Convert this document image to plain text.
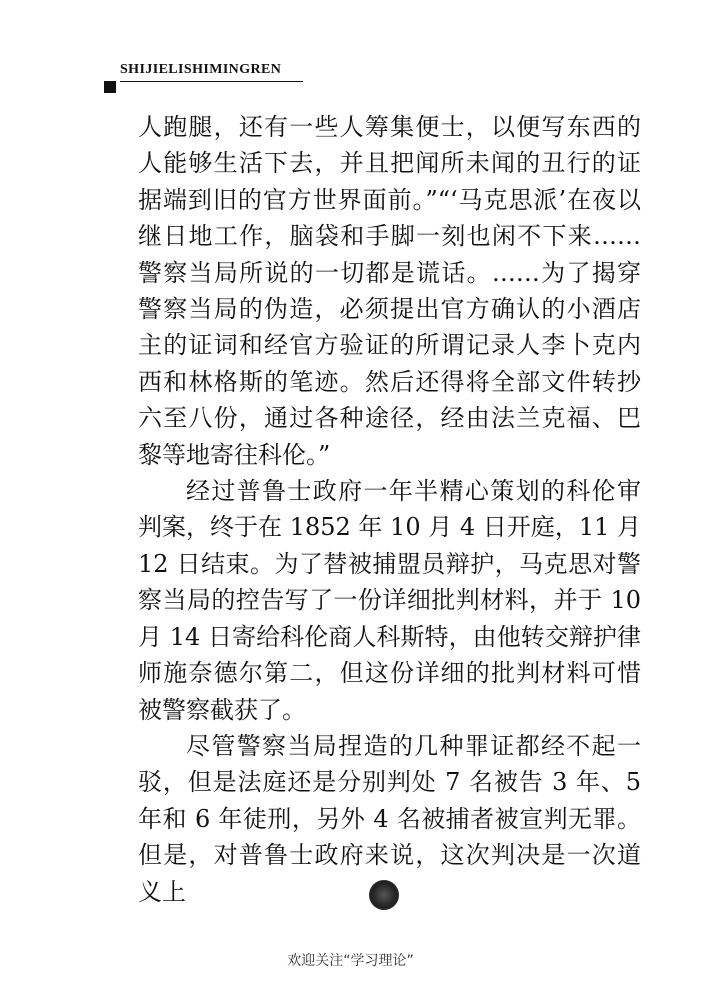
SHIJIELISHIMINGREN

人跑腿，还有一些人筹集便士，以便写东西的人能够生活下去，并且把闻所未闻的丑行的证据端到旧的官方世界面前。”“‘马克思派’在夜以继日地工作，脑袋和手脚一刻也闲不下来……警察当局所说的一切都是谎话。……为了揭穿警察当局的伪造，必须提出官方确认的小酒店主的证词和经官方验证的所谓记录人李卜克内西和林格斯的笔迹。然后还得将全部文件转抄六至八份，通过各种途径，经由法兰克福、巴黎等地寄往科伦。”

经过普鲁士政府一年半精心策划的科伦审判案，终于在 1852 年 10 月 4 日开庭，11 月 12 日结束。为了替被捕盟员辩护，马克思对警察当局的控告写了一份详细批判材料，并于 10 月 14 日寄给科伦商人科斯特，由他转交辩护律师施奈德尔第二，但这份详细的批判材料可惜被警察截获了。

尽管警察当局捏造的几种罪证都经不起一驳，但是法庭还是分别判处 7 名被告 3 年、5 年和 6 年徒刑，另外 4 名被捕者被宣判无罪。但是，对普鲁士政府来说，这次判决是一次道义上

欢迎关注“学习理论”
